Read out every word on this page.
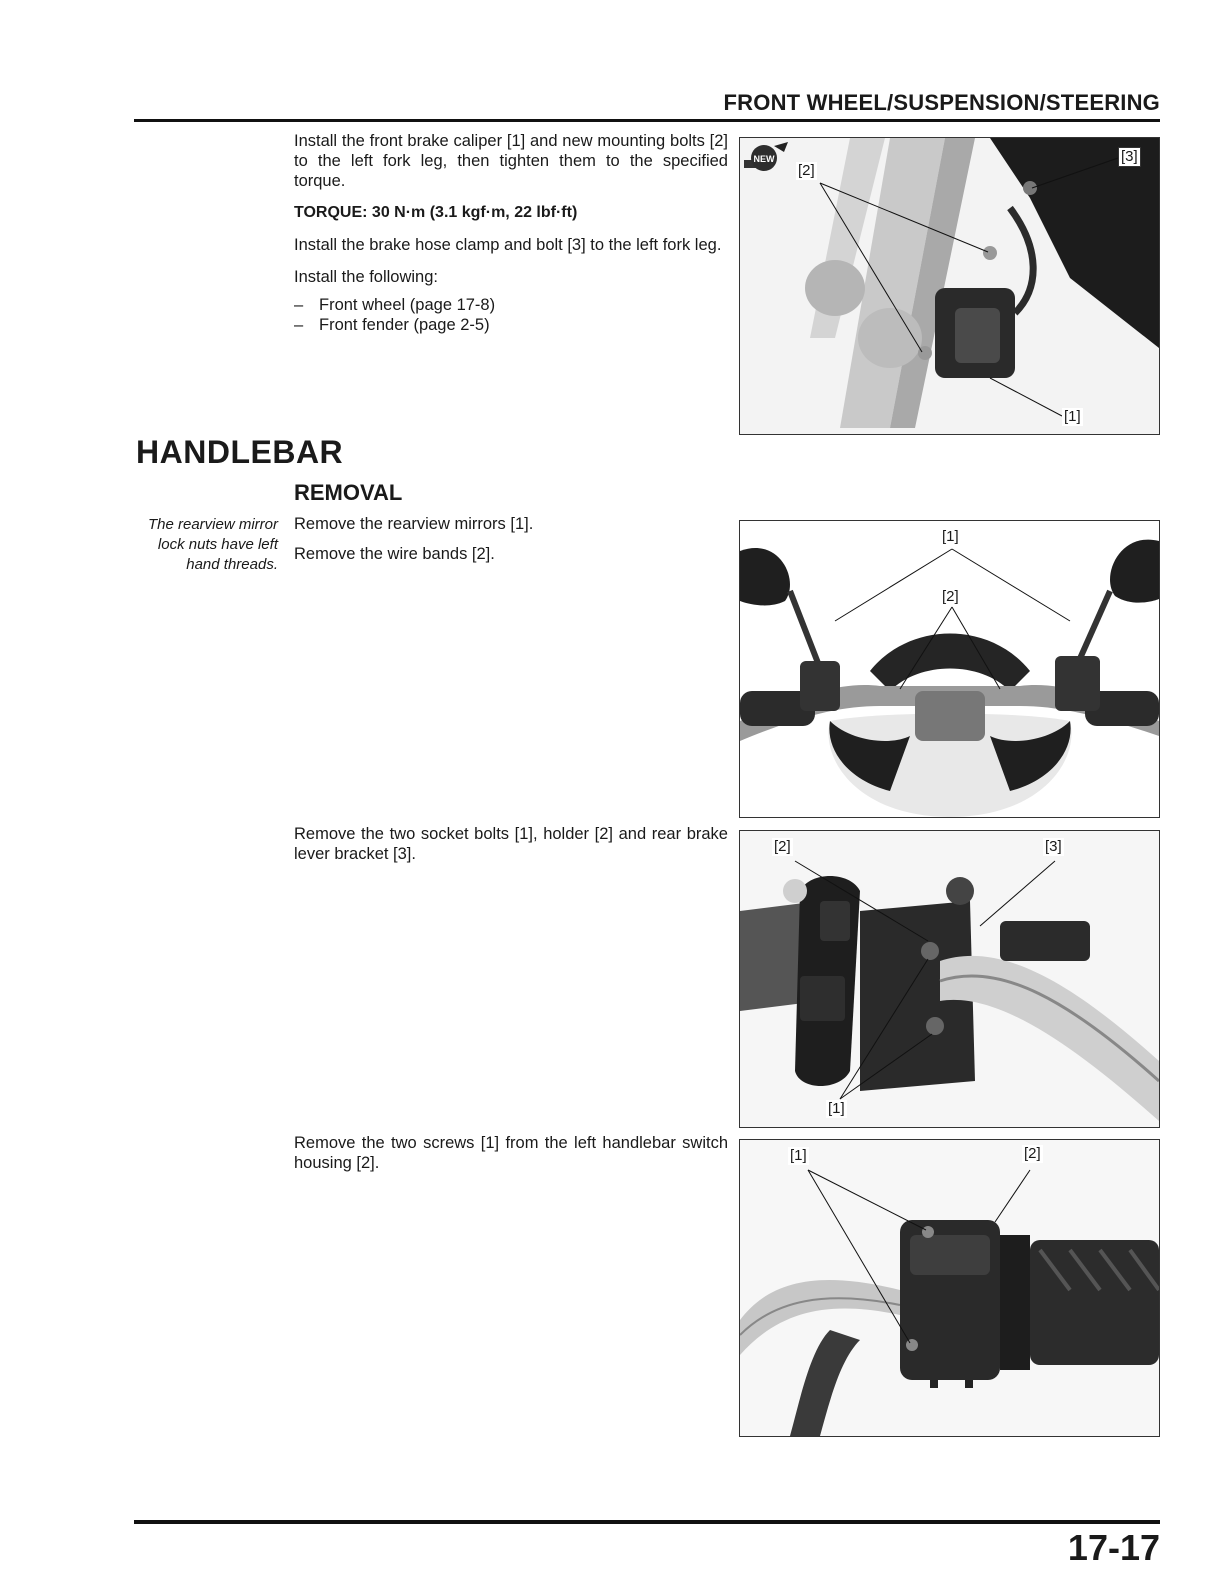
FRONT WHEEL/SUSPENSION/STEERING

Install the front brake caliper [1] and new mounting bolts [2] to the left fork leg, then tighten them to the specified torque.

TORQUE: 30 N·m (3.1 kgf·m, 22 lbf·ft)

Install the brake hose clamp and bolt [3] to the left fork leg.

Install the following:

– Front wheel (page 17-8)
– Front fender (page 2-5)
NEW
[2]
[3]
[1]
HANDLEBAR
REMOVAL
The rearview mirror lock nuts have left hand threads.

Remove the rearview mirrors [1].

Remove the wire bands [2].

[1]
[2]
Remove the two socket bolts [1], holder [2] and rear brake lever bracket [3].	[2]	[3]
[1]
Remove the two screws [1] from the left handlebar switch housing [2].	[1]	[2]
17-17
